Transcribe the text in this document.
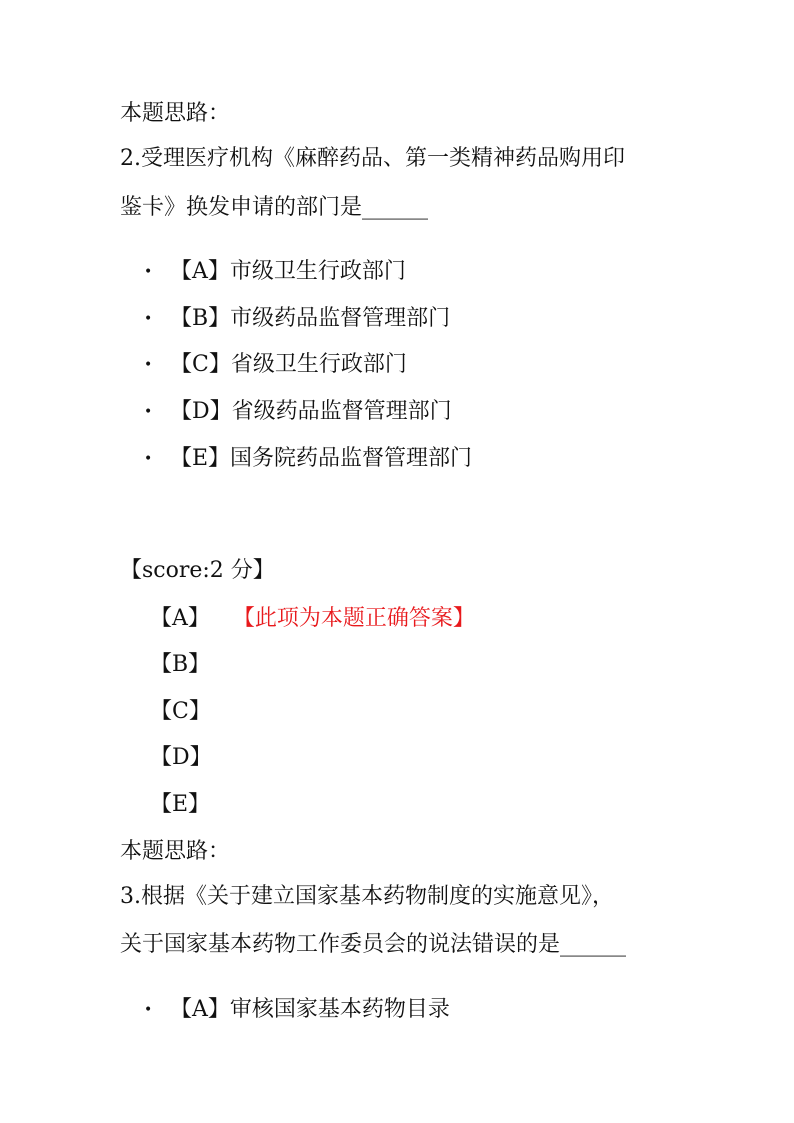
本题思路：

2.受理医疗机构《麻醉药品、第一类精神药品购用印

鉴卡》换发申请的部门是______

• 【A】市级卫生行政部门
• 【B】市级药品监督管理部门
• 【C】省级卫生行政部门
• 【D】省级药品监督管理部门
• 【E】国务院药品监督管理部门

【score:2 分】

【A】 【此项为本题正确答案】
【B】
【C】
【D】
【E】

本题思路：

3.根据《关于建立国家基本药物制度的实施意见》，

关于国家基本药物工作委员会的说法错误的是______

• 【A】审核国家基本药物目录
